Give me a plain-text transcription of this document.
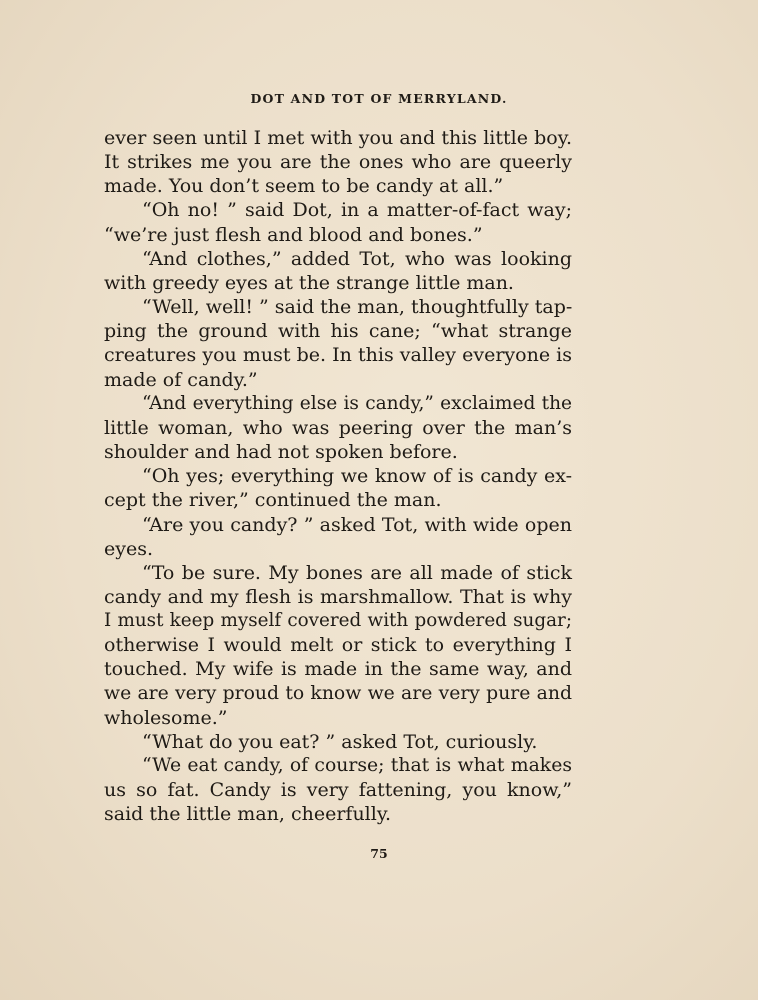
DOT AND TOT OF MERRYLAND.
ever seen until I met with you and this little boy.
It strikes me you are the ones who are queerly
made. You don’t seem to be candy at all.”
“Oh no! ” said Dot, in a matter-of-fact way;
“we’re just flesh and blood and bones.”
“And clothes,” added Tot, who was looking
with greedy eyes at the strange little man.
“Well, well! ” said the man, thoughtfully tap-
ping the ground with his cane; “what strange
creatures you must be. In this valley everyone is
made of candy.”
“And everything else is candy,” exclaimed the
little woman, who was peering over the man’s
shoulder and had not spoken before.
“Oh yes; everything we know of is candy ex-
cept the river,” continued the man.
“Are you candy? ” asked Tot, with wide open
eyes.
“To be sure. My bones are all made of stick
candy and my flesh is marshmallow. That is why
I must keep myself covered with powdered sugar;
otherwise I would melt or stick to everything I
touched. My wife is made in the same way, and
we are very proud to know we are very pure and
wholesome.”
“What do you eat? ” asked Tot, curiously.
“We eat candy, of course; that is what makes
us so fat. Candy is very fattening, you know,”
said the little man, cheerfully.
75
